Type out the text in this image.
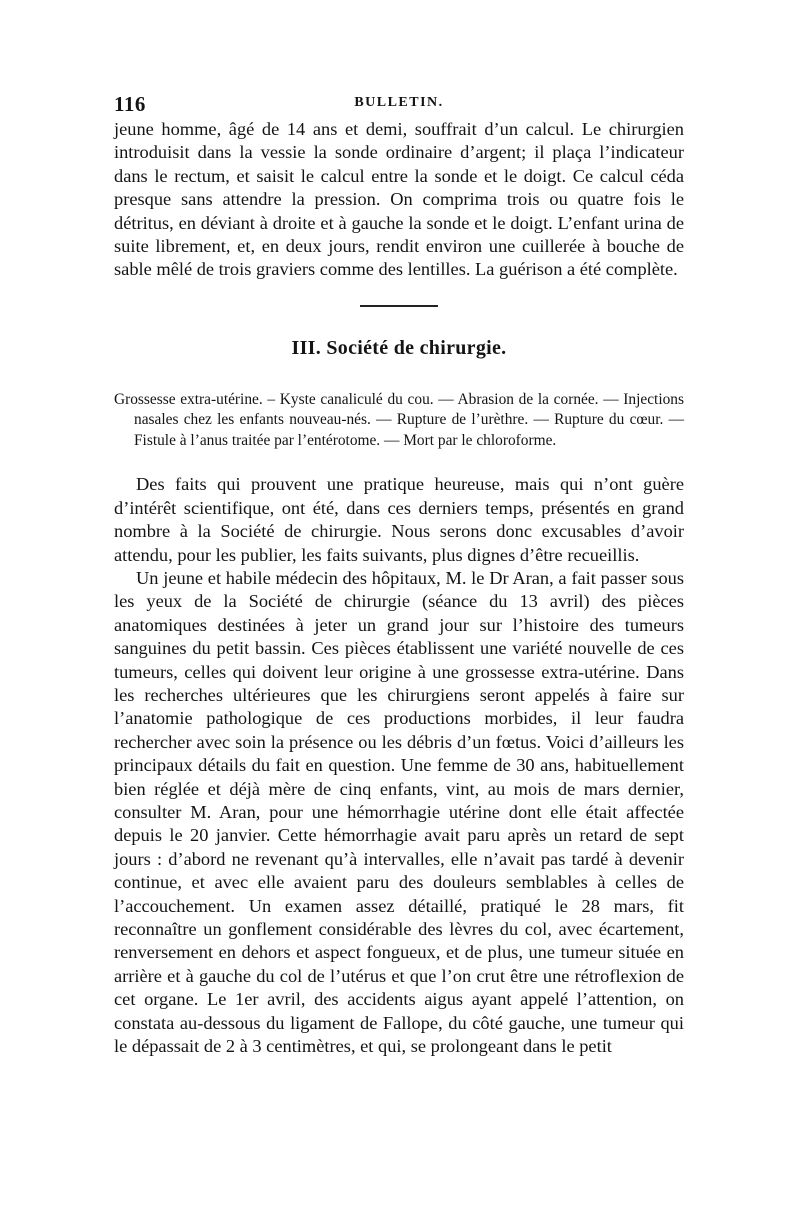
116	BULLETIN.

jeune homme, âgé de 14 ans et demi, souffrait d’un calcul. Le chirurgien introduisit dans la vessie la sonde ordinaire d’argent; il plaça l’indicateur dans le rectum, et saisit le calcul entre la sonde et le doigt. Ce calcul céda presque sans attendre la pression. On comprima trois ou quatre fois le détritus, en déviant à droite et à gauche la sonde et le doigt. L’enfant urina de suite librement, et, en deux jours, rendit environ une cuillerée à bouche de sable mêlé de trois graviers comme des lentilles. La guérison a été complète.

III. Société de chirurgie.
Grossesse extra-utérine. – Kyste canaliculé du cou. — Abrasion de la cornée. — Injections nasales chez les enfants nouveau-nés. — Rupture de l’urèthre. — Rupture du cœur. — Fistule à l’anus traitée par l’entérotome. — Mort par le chloroforme.

Des faits qui prouvent une pratique heureuse, mais qui n’ont guère d’intérêt scientifique, ont été, dans ces derniers temps, présentés en grand nombre à la Société de chirurgie. Nous serons donc excusables d’avoir attendu, pour les publier, les faits suivants, plus dignes d’être recueillis.

Un jeune et habile médecin des hôpitaux, M. le Dr Aran, a fait passer sous les yeux de la Société de chirurgie (séance du 13 avril) des pièces anatomiques destinées à jeter un grand jour sur l’histoire des tumeurs sanguines du petit bassin. Ces pièces établissent une variété nouvelle de ces tumeurs, celles qui doivent leur origine à une grossesse extra-utérine. Dans les recherches ultérieures que les chirurgiens seront appelés à faire sur l’anatomie pathologique de ces productions morbides, il leur faudra rechercher avec soin la présence ou les débris d’un fœtus. Voici d’ailleurs les principaux détails du fait en question. Une femme de 30 ans, habituellement bien réglée et déjà mère de cinq enfants, vint, au mois de mars dernier, consulter M. Aran, pour une hémorrhagie utérine dont elle était affectée depuis le 20 janvier. Cette hémorrhagie avait paru après un retard de sept jours : d’abord ne revenant qu’à intervalles, elle n’avait pas tardé à devenir continue, et avec elle avaient paru des douleurs semblables à celles de l’accouchement. Un examen assez détaillé, pratiqué le 28 mars, fit reconnaître un gonflement considérable des lèvres du col, avec écartement, renversement en dehors et aspect fongueux, et de plus, une tumeur située en arrière et à gauche du col de l’utérus et que l’on crut être une rétroflexion de cet organe. Le 1er avril, des accidents aigus ayant appelé l’attention, on constata au-dessous du ligament de Fallope, du côté gauche, une tumeur qui le dépassait de 2 à 3 centimètres, et qui, se prolongeant dans le petit
